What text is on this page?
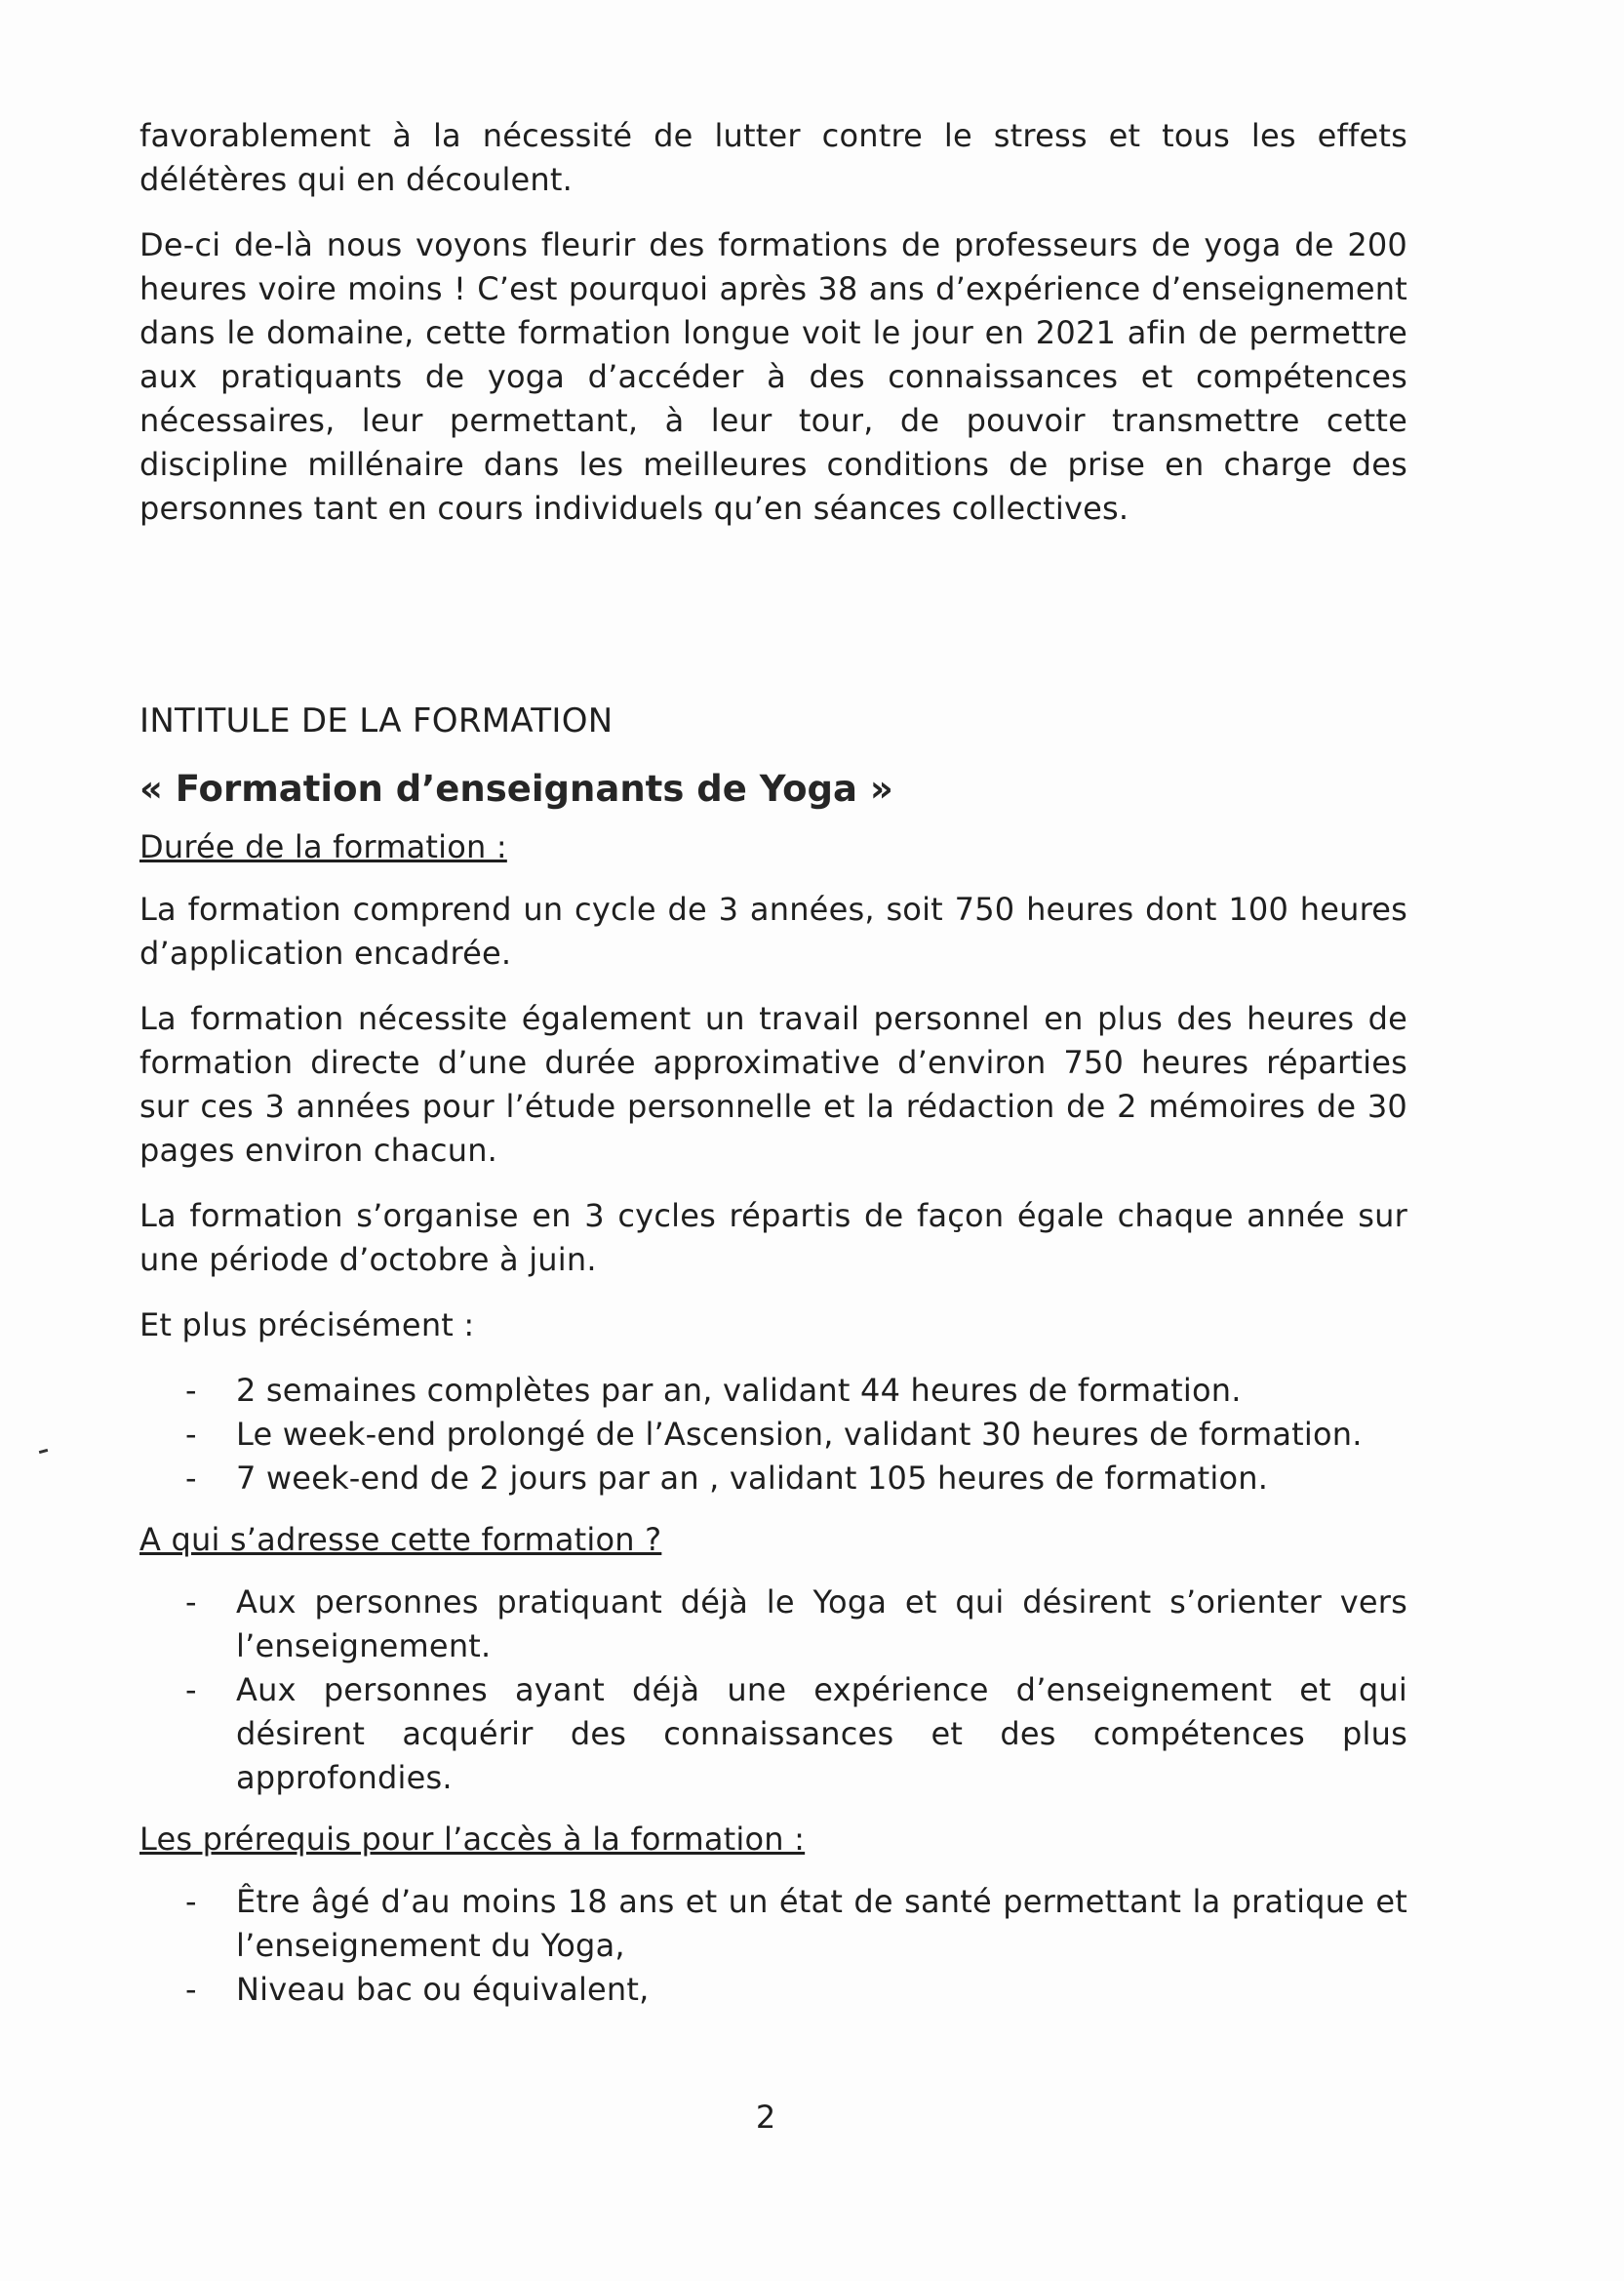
favorablement à la nécessité de lutter contre le stress et tous les effets délétères qui en découlent.

De-ci de-là nous voyons fleurir des formations de professeurs de yoga de 200 heures voire moins ! C’est pourquoi après 38 ans d’expérience d’enseignement dans le domaine, cette formation longue voit le jour en 2021 afin de permettre aux pratiquants de yoga d’accéder à des connaissances et compétences nécessaires, leur permettant, à leur tour, de pouvoir transmettre cette discipline millénaire dans les meilleures conditions de prise en charge des personnes tant en cours individuels qu’en séances collectives.

INTITULE DE LA FORMATION
« Formation d’enseignants de Yoga »
Durée de la formation :

La formation comprend un cycle de 3 années, soit 750 heures dont 100 heures d’application encadrée.

La formation nécessite également un travail personnel en plus des heures de formation directe d’une durée approximative d’environ 750 heures réparties sur ces 3 années pour l’étude personnelle et la rédaction de 2 mémoires de 30 pages environ chacun.

La formation s’organise en 3 cycles répartis de façon égale chaque année sur une période d’octobre à juin.

Et plus précisément :

- 2 semaines complètes par an, validant 44 heures de formation.
- Le week-end prolongé de l’Ascension, validant 30 heures de formation.
- 7 week-end de 2 jours par an , validant 105 heures de formation.
A qui s’adresse cette formation ?
- Aux personnes pratiquant déjà le Yoga et qui désirent s’orienter vers l’enseignement.
- Aux personnes ayant déjà une expérience d’enseignement et qui désirent acquérir des connaissances et des compétences plus approfondies.
Les prérequis pour l’accès à la formation :
- Être âgé d’au moins 18 ans et un état de santé permettant la pratique et l’enseignement du Yoga,
- Niveau bac ou équivalent,
2
